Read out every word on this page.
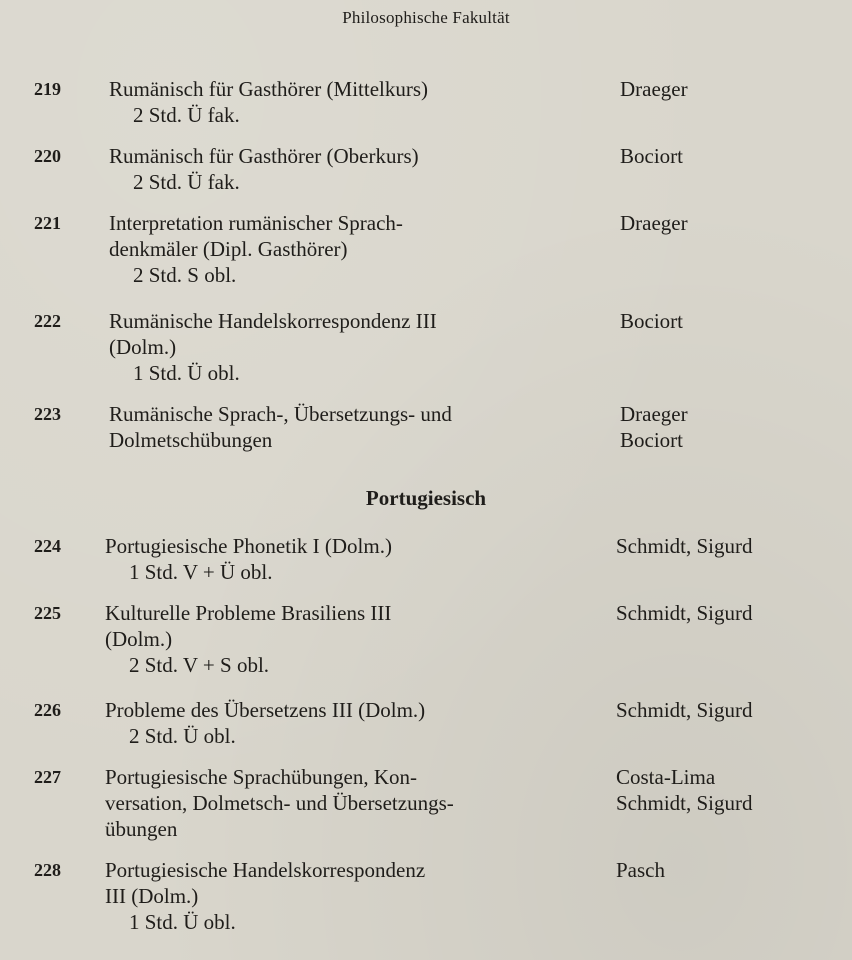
Philosophische Fakultät
219 Rumänisch für Gasthörer (Mittelkurs)
2 Std. Ü fak.
Draeger
220 Rumänisch für Gasthörer (Oberkurs)
2 Std. Ü fak.
Bociort
221 Interpretation rumänischer Sprach-
denkmäler (Dipl. Gasthörer)
2 Std. S obl.
Draeger
222 Rumänische Handelskorrespondenz III
(Dolm.)
1 Std. Ü obl.
Bociort
223 Rumänische Sprach-, Übersetzungs- und
Dolmetschübungen
Draeger
Bociort
Portugiesisch
224 Portugiesische Phonetik I (Dolm.)
1 Std. V + Ü obl.
Schmidt, Sigurd
225 Kulturelle Probleme Brasiliens III
(Dolm.)
2 Std. V + S obl.
Schmidt, Sigurd
226 Probleme des Übersetzens III (Dolm.)
2 Std. Ü obl.
Schmidt, Sigurd
227 Portugiesische Sprachübungen, Kon-
versation, Dolmetsch- und Übersetzungs-
übungen
Costa-Lima
Schmidt, Sigurd
228 Portugiesische Handelskorrespondenz
III (Dolm.)
1 Std. Ü obl.
Pasch
